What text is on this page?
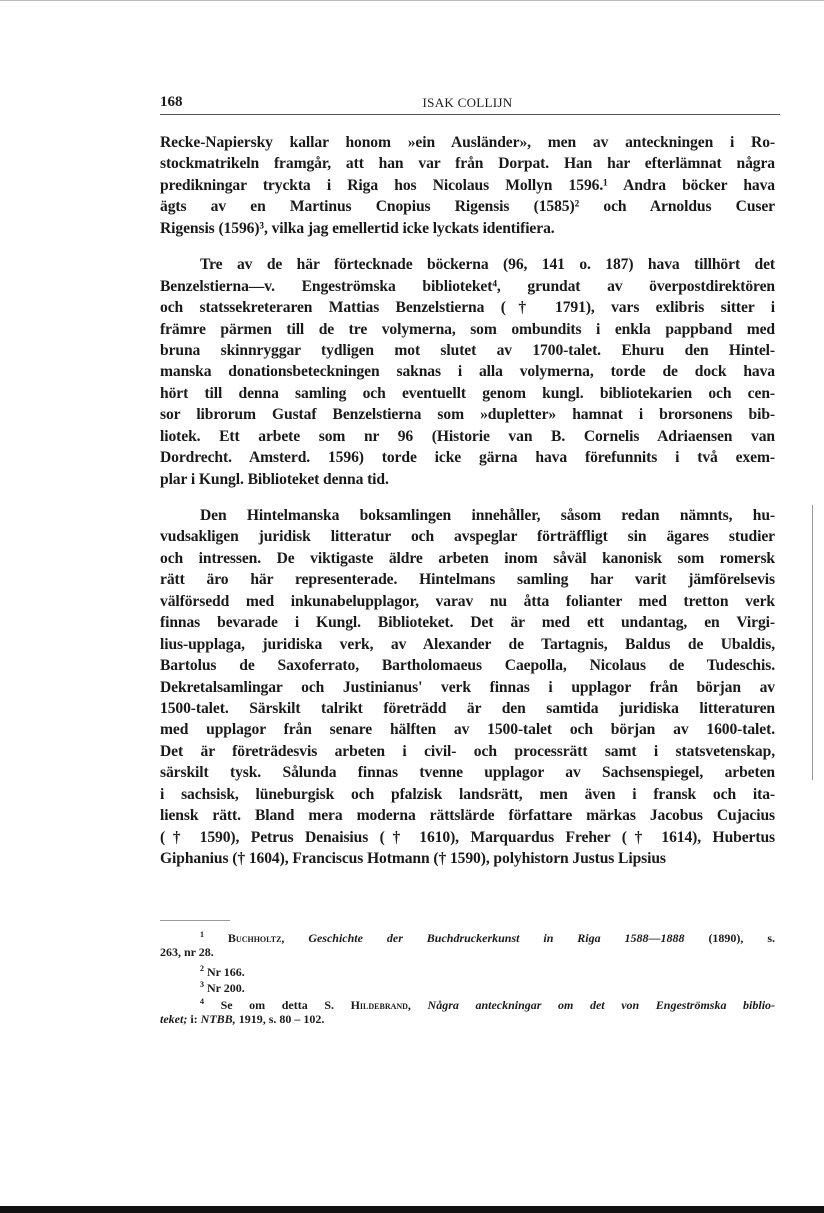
168	ISAK COLLIJN
Recke-Napiersky kallar honom »ein Ausländer», men av anteckningen i Ro-
stockmatrikeln framgår, att han var från Dorpat. Han har efterlämnat några
predikningar tryckta i Riga hos Nicolaus Mollyn 1596.¹ Andra böcker hava
ägts av en Martinus Cnopius Rigensis (1585)² och Arnoldus Cuser
Rigensis (1596)³, vilka jag emellertid icke lyckats identifiera.
Tre av de här förtecknade böckerna (96, 141 o. 187) hava tillhört det
Benzelstierna—v. Engeströmska biblioteket⁴, grundat av överpostdirektören
och statssekreteraren Mattias Benzelstierna († 1791), vars exlibris sitter i
främre pärmen till de tre volymerna, som ombundits i enkla pappband med
bruna skinnryggar tydligen mot slutet av 1700-talet. Ehuru den Hintel-
manska donationsbeteckningen saknas i alla volymerna, torde de dock hava
hört till denna samling och eventuellt genom kungl. bibliotekarien och cen-
sor librorum Gustaf Benzelstierna som »dupletter» hamnat i brorsonens bib-
liotek. Ett arbete som nr 96 (Historie van B. Cornelis Adriaensen van
Dordrecht. Amsterd. 1596) torde icke gärna hava förefunnits i två exem-
plar i Kungl. Biblioteket denna tid.
Den Hintelmanska boksamlingen innehåller, såsom redan nämnts, hu-
vudsakligen juridisk litteratur och avspeglar förträffligt sin ägares studier
och intressen. De viktigaste äldre arbeten inom såväl kanonisk som romersk
rätt äro här representerade. Hintelmans samling har varit jämförelsevis
välförsedd med inkunabelupplagor, varav nu åtta folianter med tretton verk
finnas bevarade i Kungl. Biblioteket. Det är med ett undantag, en Virgi-
lius-upplaga, juridiska verk, av Alexander de Tartagnis, Baldus de Ubaldis,
Bartolus de Saxoferrato, Bartholomaeus Caepolla, Nicolaus de Tudeschis.
Dekretalsamlingar och Justinianus' verk finnas i upplagor från början av
1500-talet. Särskilt talrikt företrädd är den samtida juridiska litteraturen
med upplagor från senare hälften av 1500-talet och början av 1600-talet.
Det är företrädesvis arbeten i civil- och processrätt samt i statsvetenskap,
särskilt tysk. Sålunda finnas tvenne upplagor av Sachsenspiegel, arbeten
i sachsisk, lüneburgisk och pfalzisk landsrätt, men även i fransk och ita-
liensk rätt. Bland mera moderna rättslärde författare märkas Jacobus Cujacius
(† 1590), Petrus Denaisius († 1610), Marquardus Freher († 1614), Hubertus
Giphanius († 1604), Franciscus Hotmann († 1590), polyhistorn Justus Lipsius
$^1$ Buchholtz, Geschichte der Buchdruckerkunst in Riga 1588—1888 (1890), s.
263, nr 28.
$^2$ Nr 166.
$^3$ Nr 200.
$^4$ Se om detta S. Hildebrand, Några anteckningar om det von Engeströmska biblio-
teket; i: NTBB, 1919, s. 80 – 102.
